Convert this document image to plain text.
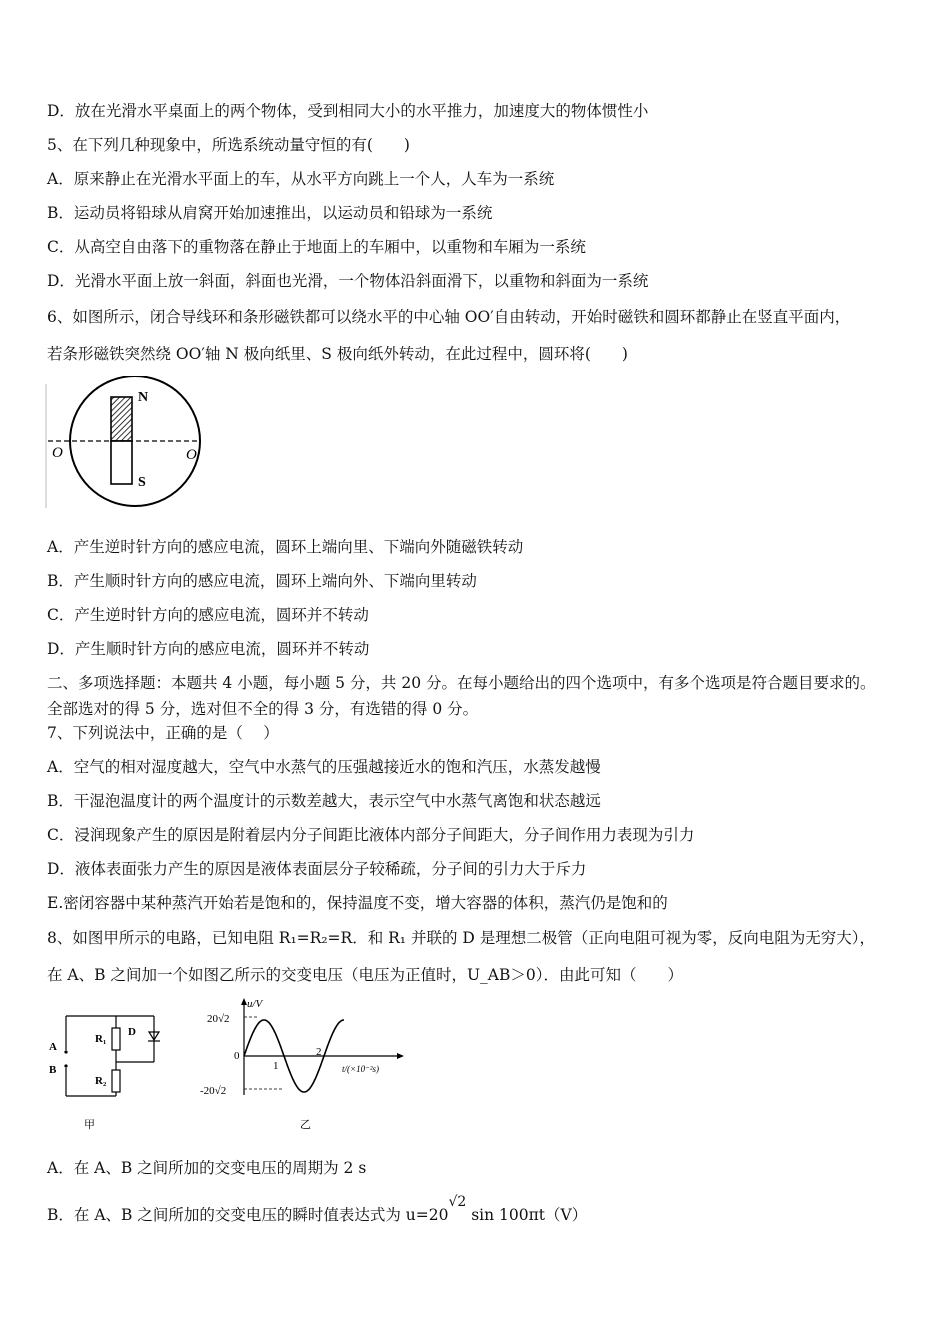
D．放在光滑水平桌面上的两个物体，受到相同大小的水平推力，加速度大的物体惯性小
5、在下列几种现象中，所选系统动量守恒的有(　　)
A．原来静止在光滑水平面上的车，从水平方向跳上一个人，人车为一系统
B．运动员将铅球从肩窝开始加速推出，以运动员和铅球为一系统
C．从高空自由落下的重物落在静止于地面上的车厢中，以重物和车厢为一系统
D．光滑水平面上放一斜面，斜面也光滑，一个物体沿斜面滑下，以重物和斜面为一系统
6、如图所示，闭合导线环和条形磁铁都可以绕水平的中心轴 OO′自由转动，开始时磁铁和圆环都静止在竖直平面内，
若条形磁铁突然绕 OO′轴 N 极向纸里、S 极向纸外转动，在此过程中，圆环将(　　)
N
S
O	O′
A．产生逆时针方向的感应电流，圆环上端向里、下端向外随磁铁转动
B．产生顺时针方向的感应电流，圆环上端向外、下端向里转动
C．产生逆时针方向的感应电流，圆环并不转动
D．产生顺时针方向的感应电流，圆环并不转动
二、多项选择题：本题共 4 小题，每小题 5 分，共 20 分。在每小题给出的四个选项中，有多个选项是符合题目要求的。
全部选对的得 5 分，选对但不全的得 3 分，有选错的得 0 分。
7、下列说法中，正确的是（　 ）
A．空气的相对湿度越大，空气中水蒸气的压强越接近水的饱和汽压，水蒸发越慢
B．干湿泡温度计的两个温度计的示数差越大，表示空气中水蒸气离饱和状态越远
C．浸润现象产生的原因是附着层内分子间距比液体内部分子间距大，分子间作用力表现为引力
D．液体表面张力产生的原因是液体表面层分子较稀疏，分子间的引力大于斥力
E.密闭容器中某种蒸汽开始若是饱和的，保持温度不变，增大容器的体积，蒸汽仍是饱和的
8、如图甲所示的电路，已知电阻 R₁=R₂=R．和 R₁ 并联的 D 是理想二极管（正向电阻可视为零，反向电阻为无穷大），
在 A、B 之间加一个如图乙所示的交变电压（电压为正值时，U_AB＞0）．由此可知（　　）
A
B
R₁
R₂
D
甲
u/V
20√2
0
-20√2
1
2
t/(×10⁻²s)
乙
A．在 A、B 之间所加的交变电压的周期为 2 s
B．在 A、B 之间所加的交变电压的瞬时值表达式为 u=20√2 sin 100πt（V）
